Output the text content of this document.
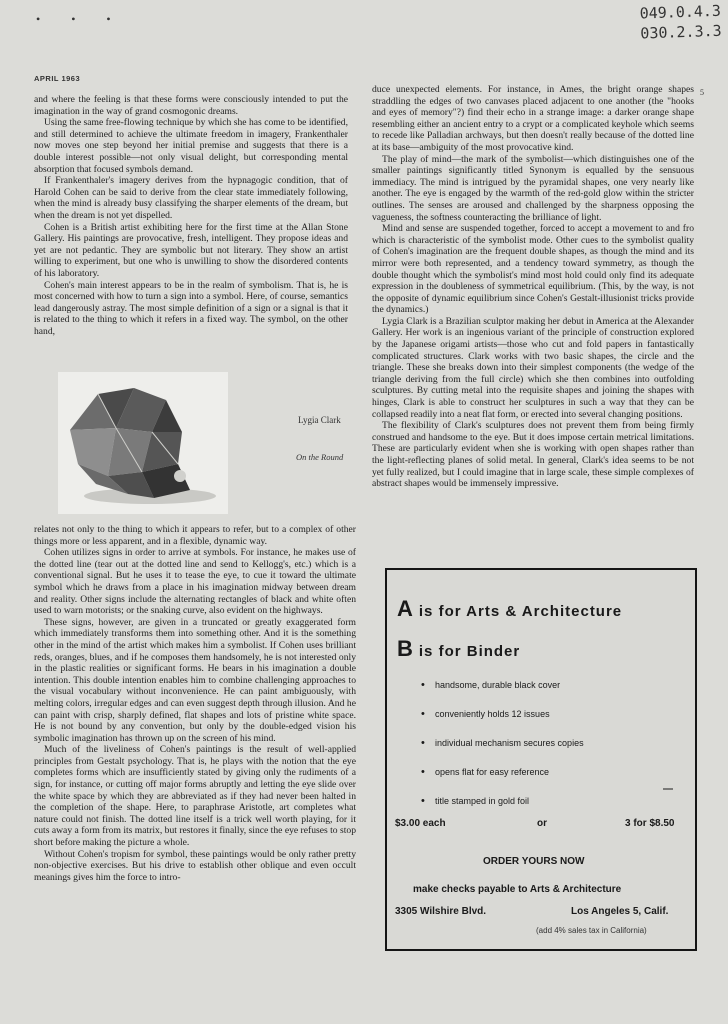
• • •	049.0.4.3
030.2.3.3
APRIL 1963
5

and where the feeling is that these forms were consciously intended to put the imagination in the way of grand cosmogonic dreams.

Using the same free-flowing technique by which she has come to be identified, and still determined to achieve the ultimate freedom in imagery, Frankenthaler now moves one step beyond her initial premise and suggests that there is a double interest possible—not only visual delight, but corresponding mental absorption that focused symbols demand.

If Frankenthaler's imagery derives from the hypnagogic condition, that of Harold Cohen can be said to derive from the clear state immediately following, when the mind is already busy classifying the sharper elements of the dream, but when the dream is not yet dispelled.

Cohen is a British artist exhibiting here for the first time at the Allan Stone Gallery. His paintings are provocative, fresh, intelligent. They propose ideas and yet are not pedantic. They are symbolic but not literary. They show an artist willing to experiment, but one who is unwilling to show the disordered contents of his laboratory.

Cohen's main interest appears to be in the realm of symbolism. That is, he is most concerned with how to turn a sign into a symbol. Here, of course, semantics lead dangerously astray. The most simple definition of a sign or a signal is that it is related to the thing to which it refers in a fixed way. The symbol, on the other hand,

Lygia Clark
On the Round

relates not only to the thing to which it appears to refer, but to a complex of other things more or less apparent, and in a flexible, dynamic way.

Cohen utilizes signs in order to arrive at symbols. For instance, he makes use of the dotted line (tear out at the dotted line and send to Kellogg's, etc.) which is a conventional signal. But he uses it to tease the eye, to cue it toward the ultimate symbol which he draws from a place in his imagination midway between dream and reality. Other signs include the alternating rectangles of black and white often used to warn motorists; or the snaking curve, also evident on the highways.

These signs, however, are given in a truncated or greatly exaggerated form which immediately transforms them into something other. And it is the something other in the mind of the artist which makes him a symbolist. If Cohen uses brilliant reds, oranges, blues, and if he composes them handsomely, he is not interested only in the plastic realities or significant forms. He bears in his imagination a double intention. This double intention enables him to combine challenging approaches to the visual vocabulary without inconvenience. He can paint ambiguously, with melting colors, irregular edges and can even suggest depth through illusion. And he can paint with crisp, sharply defined, flat shapes and lots of pristine white space. He is not bound by any convention, but only by the double-edged vision his symbolic imagination has thrown up on the screen of his mind.

Much of the liveliness of Cohen's paintings is the result of well-applied principles from Gestalt psychology. That is, he plays with the notion that the eye completes forms which are insufficiently stated by giving only the rudiments of a sign, for instance, or cutting off major forms abruptly and letting the eye slide over the white space by which they are abbreviated as if they had never been halted in the completion of the shape. Here, to paraphrase Aristotle, art completes what nature could not finish. The dotted line itself is a trick well worth playing, for it cuts away a form from its matrix, but restores it finally, since the eye refuses to stop short before making the picture a whole.

Without Cohen's tropism for symbol, these paintings would be only rather pretty non-objective exercises. But his drive to establish other oblique and even occult meanings gives him the force to intro-

duce unexpected elements. For instance, in Ames, the bright orange shapes straddling the edges of two canvases placed adjacent to one another (the "hooks and eyes of memory"?) find their echo in a strange image: a darker orange shape resembling either an ancient entry to a crypt or a complicated keyhole which seems to recede like Palladian archways, but then doesn't really because of the dotted line at its base—ambiguity of the most provocative kind.

The play of mind—the mark of the symbolist—which distinguishes one of the smaller paintings significantly titled Synonym is equalled by the sensuous immediacy. The mind is intrigued by the pyramidal shapes, one very nearly like another. The eye is engaged by the warmth of the red-gold glow within the stricter outlines. The senses are aroused and challenged by the sharpness opposing the vagueness, the softness counteracting the brilliance of light.

Mind and sense are suspended together, forced to accept a movement to and fro which is characteristic of the symbolist mode. Other cues to the symbolist quality of Cohen's imagination are the frequent double shapes, as though the mind and its mirror were both represented, and a tendency toward symmetry, as though the double thought which the symbolist's mind most hold could only find its adequate expression in the doubleness of symmetrical equilibrium. (This, by the way, is not the opposite of dynamic equilibrium since Cohen's Gestalt-illusionist tricks provide the dynamics.)

Lygia Clark is a Brazilian sculptor making her debut in America at the Alexander Gallery. Her work is an ingenious variant of the principle of construction explored by the Japanese origami artists—those who cut and fold papers in fantastically complicated structures. Clark works with two basic shapes, the circle and the triangle. These she breaks down into their simplest components (the wedge of the triangle deriving from the full circle) which she then combines into outfolding sculptures. By cutting metal into the requisite shapes and joining the shapes with hinges, Clark is able to construct her sculptures in such a way that they can be collapsed readily into a neat flat form, or erected into several changing positions.

The flexibility of Clark's sculptures does not prevent them from being firmly construed and handsome to the eye. But it does impose certain metrical limitations. These are particularly evident when she is working with open shapes rather than the light-reflecting planes of solid metal. In general, Clark's idea seems to be not yet fully realized, but I could imagine that in large scale, these simple complexes of abstract shapes would be immensely impressive.

A is for Arts & Architecture
B is for Binder
• handsome, durable black cover
• conveniently holds 12 issues
• individual mechanism secures copies
• opens flat for easy reference
• title stamped in gold foil
$3.00 each	or	3 for $8.50
ORDER YOURS NOW
make checks payable to Arts & Architecture
3305 Wilshire Blvd.	Los Angeles 5, Calif.
(add 4% sales tax in California)
